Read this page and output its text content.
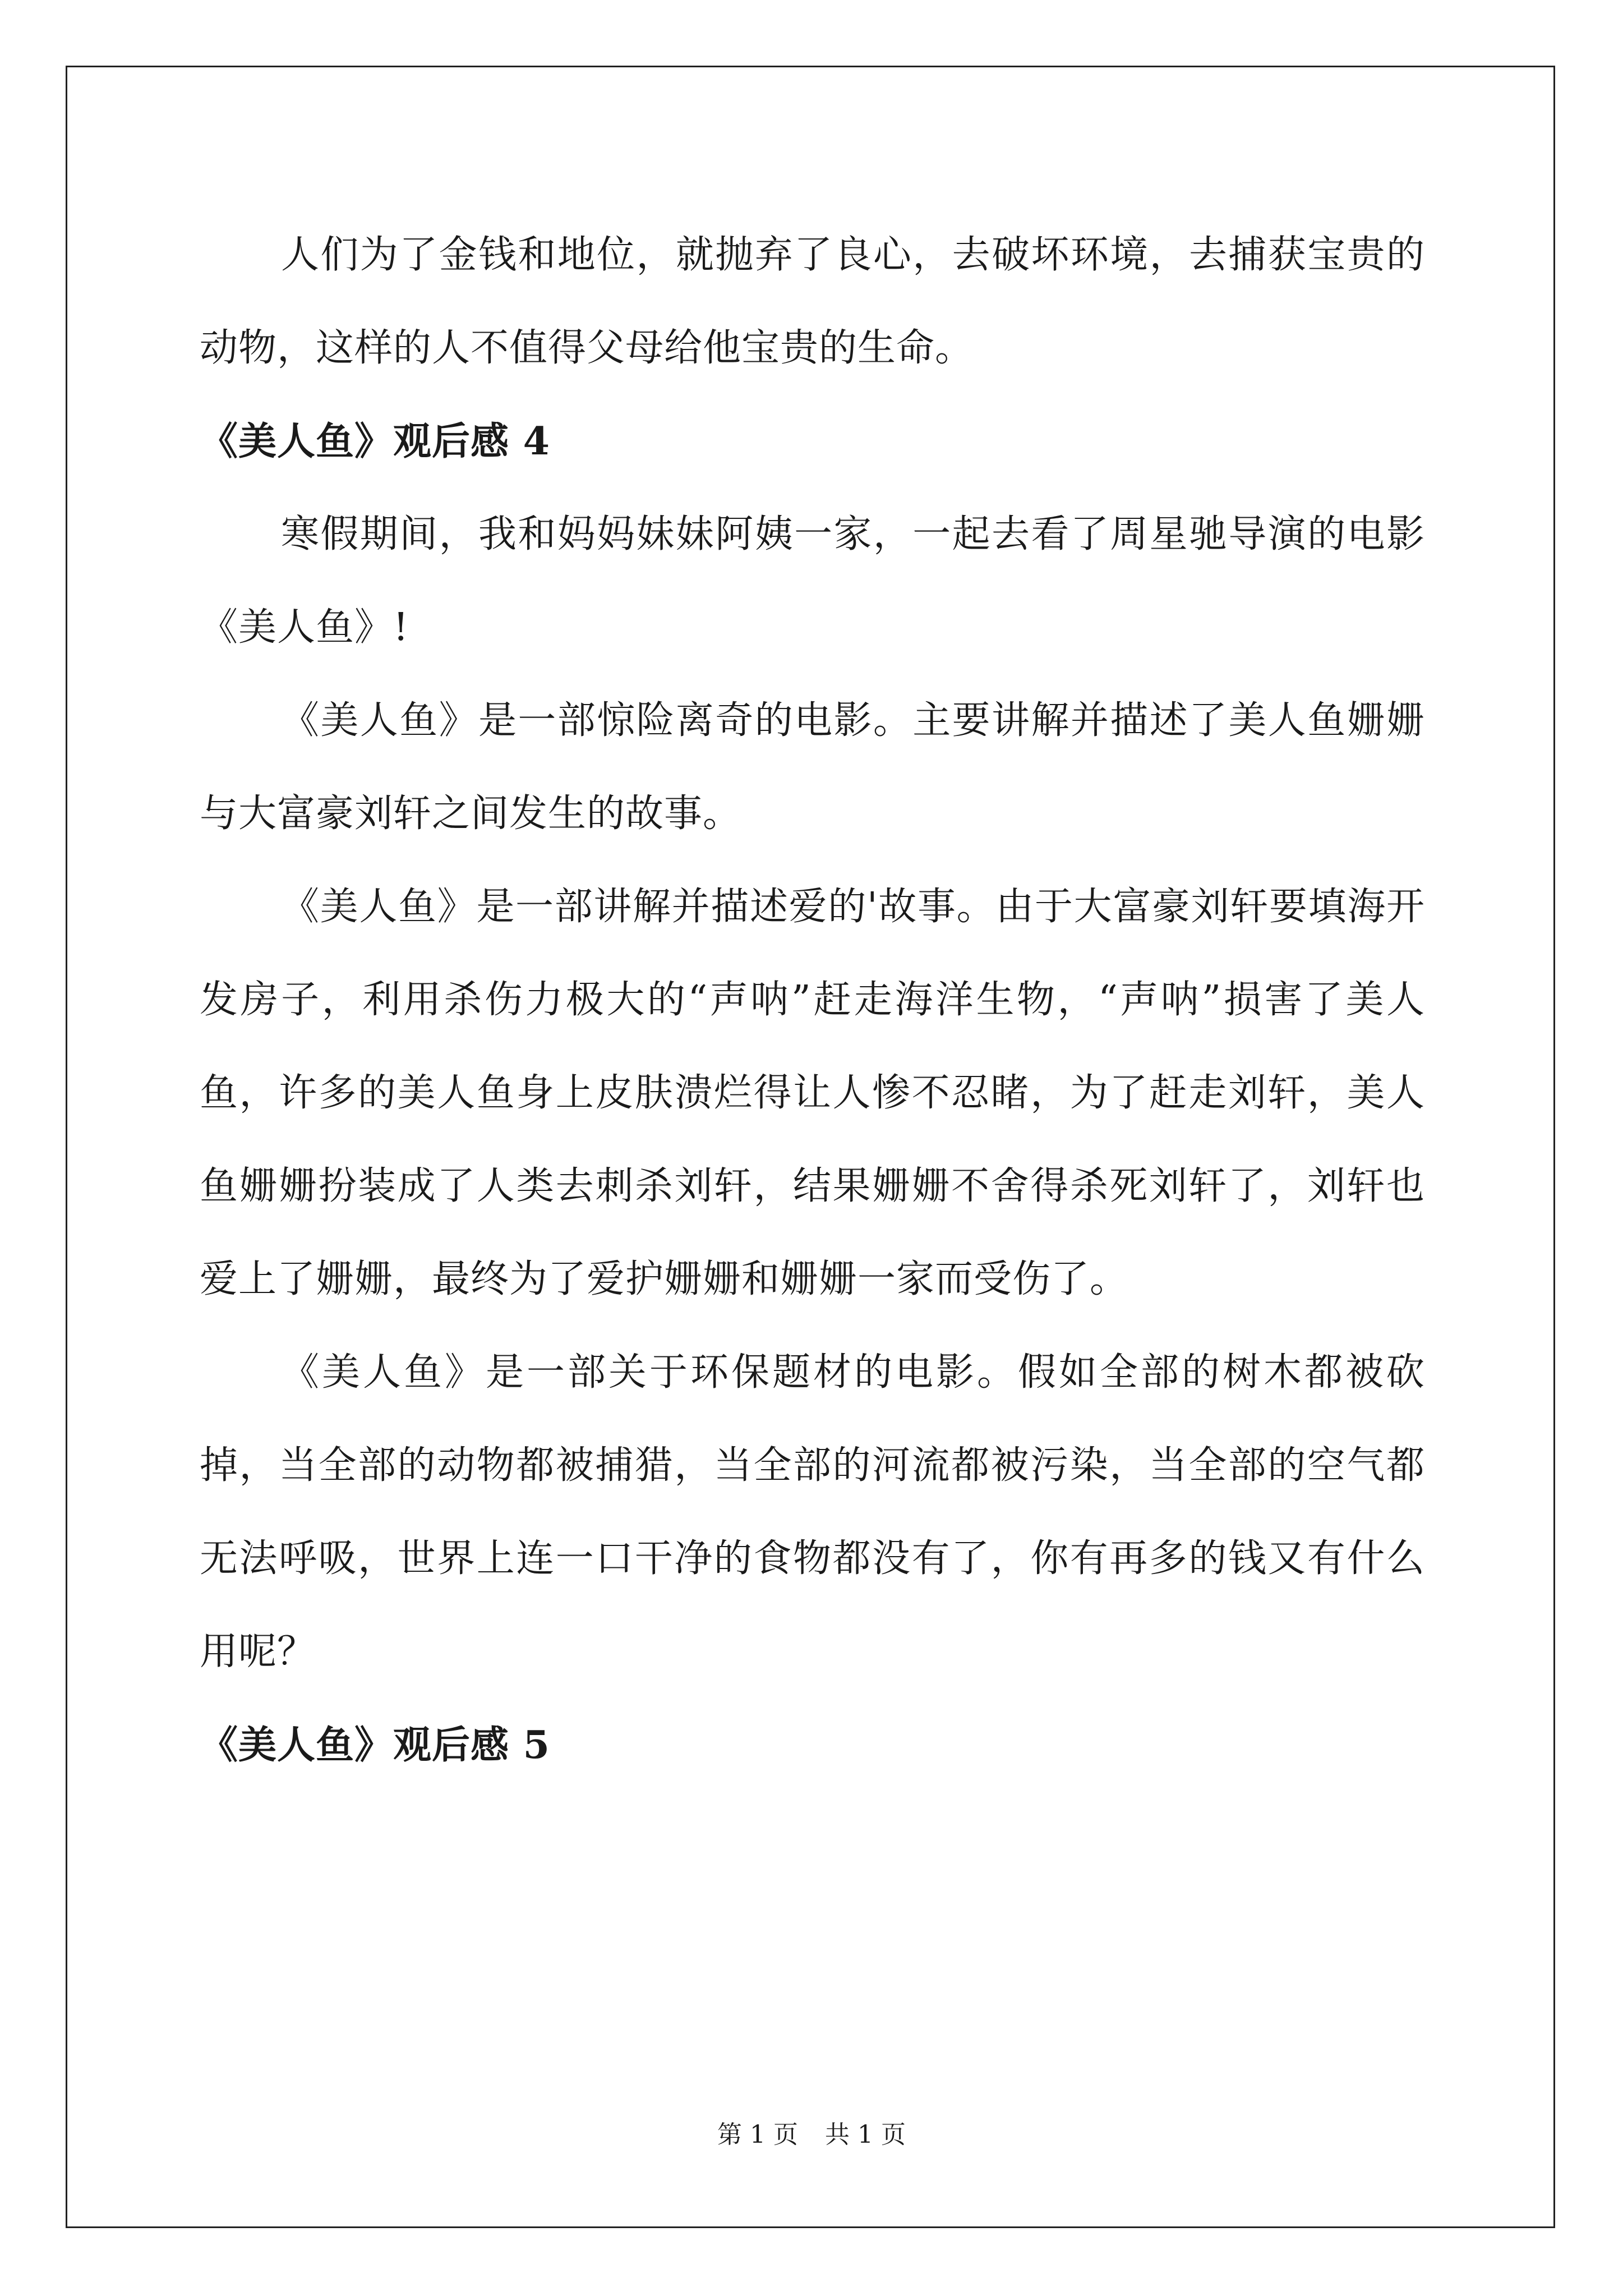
人们为了金钱和地位，就抛弃了良心，去破坏环境，去捕获宝贵的动物，这样的人不值得父母给他宝贵的生命。

《美人鱼》观后感 4

寒假期间，我和妈妈妹妹阿姨一家，一起去看了周星驰导演的电影《美人鱼》!

《美人鱼》是一部惊险离奇的电影。主要讲解并描述了美人鱼姗姗与大富豪刘轩之间发生的故事。

《美人鱼》是一部讲解并描述爱的'故事。由于大富豪刘轩要填海开发房子，利用杀伤力极大的“声呐”赶走海洋生物，“声呐”损害了美人鱼，许多的美人鱼身上皮肤溃烂得让人惨不忍睹，为了赶走刘轩，美人鱼姗姗扮装成了人类去刺杀刘轩，结果姗姗不舍得杀死刘轩了，刘轩也爱上了姗姗，最终为了爱护姗姗和姗姗一家而受伤了。

《美人鱼》是一部关于环保题材的电影。假如全部的树木都被砍掉，当全部的动物都被捕猎，当全部的河流都被污染，当全部的空气都无法呼吸，世界上连一口干净的食物都没有了，你有再多的钱又有什么用呢？

《美人鱼》观后感 5
第 1 页 共 1 页
